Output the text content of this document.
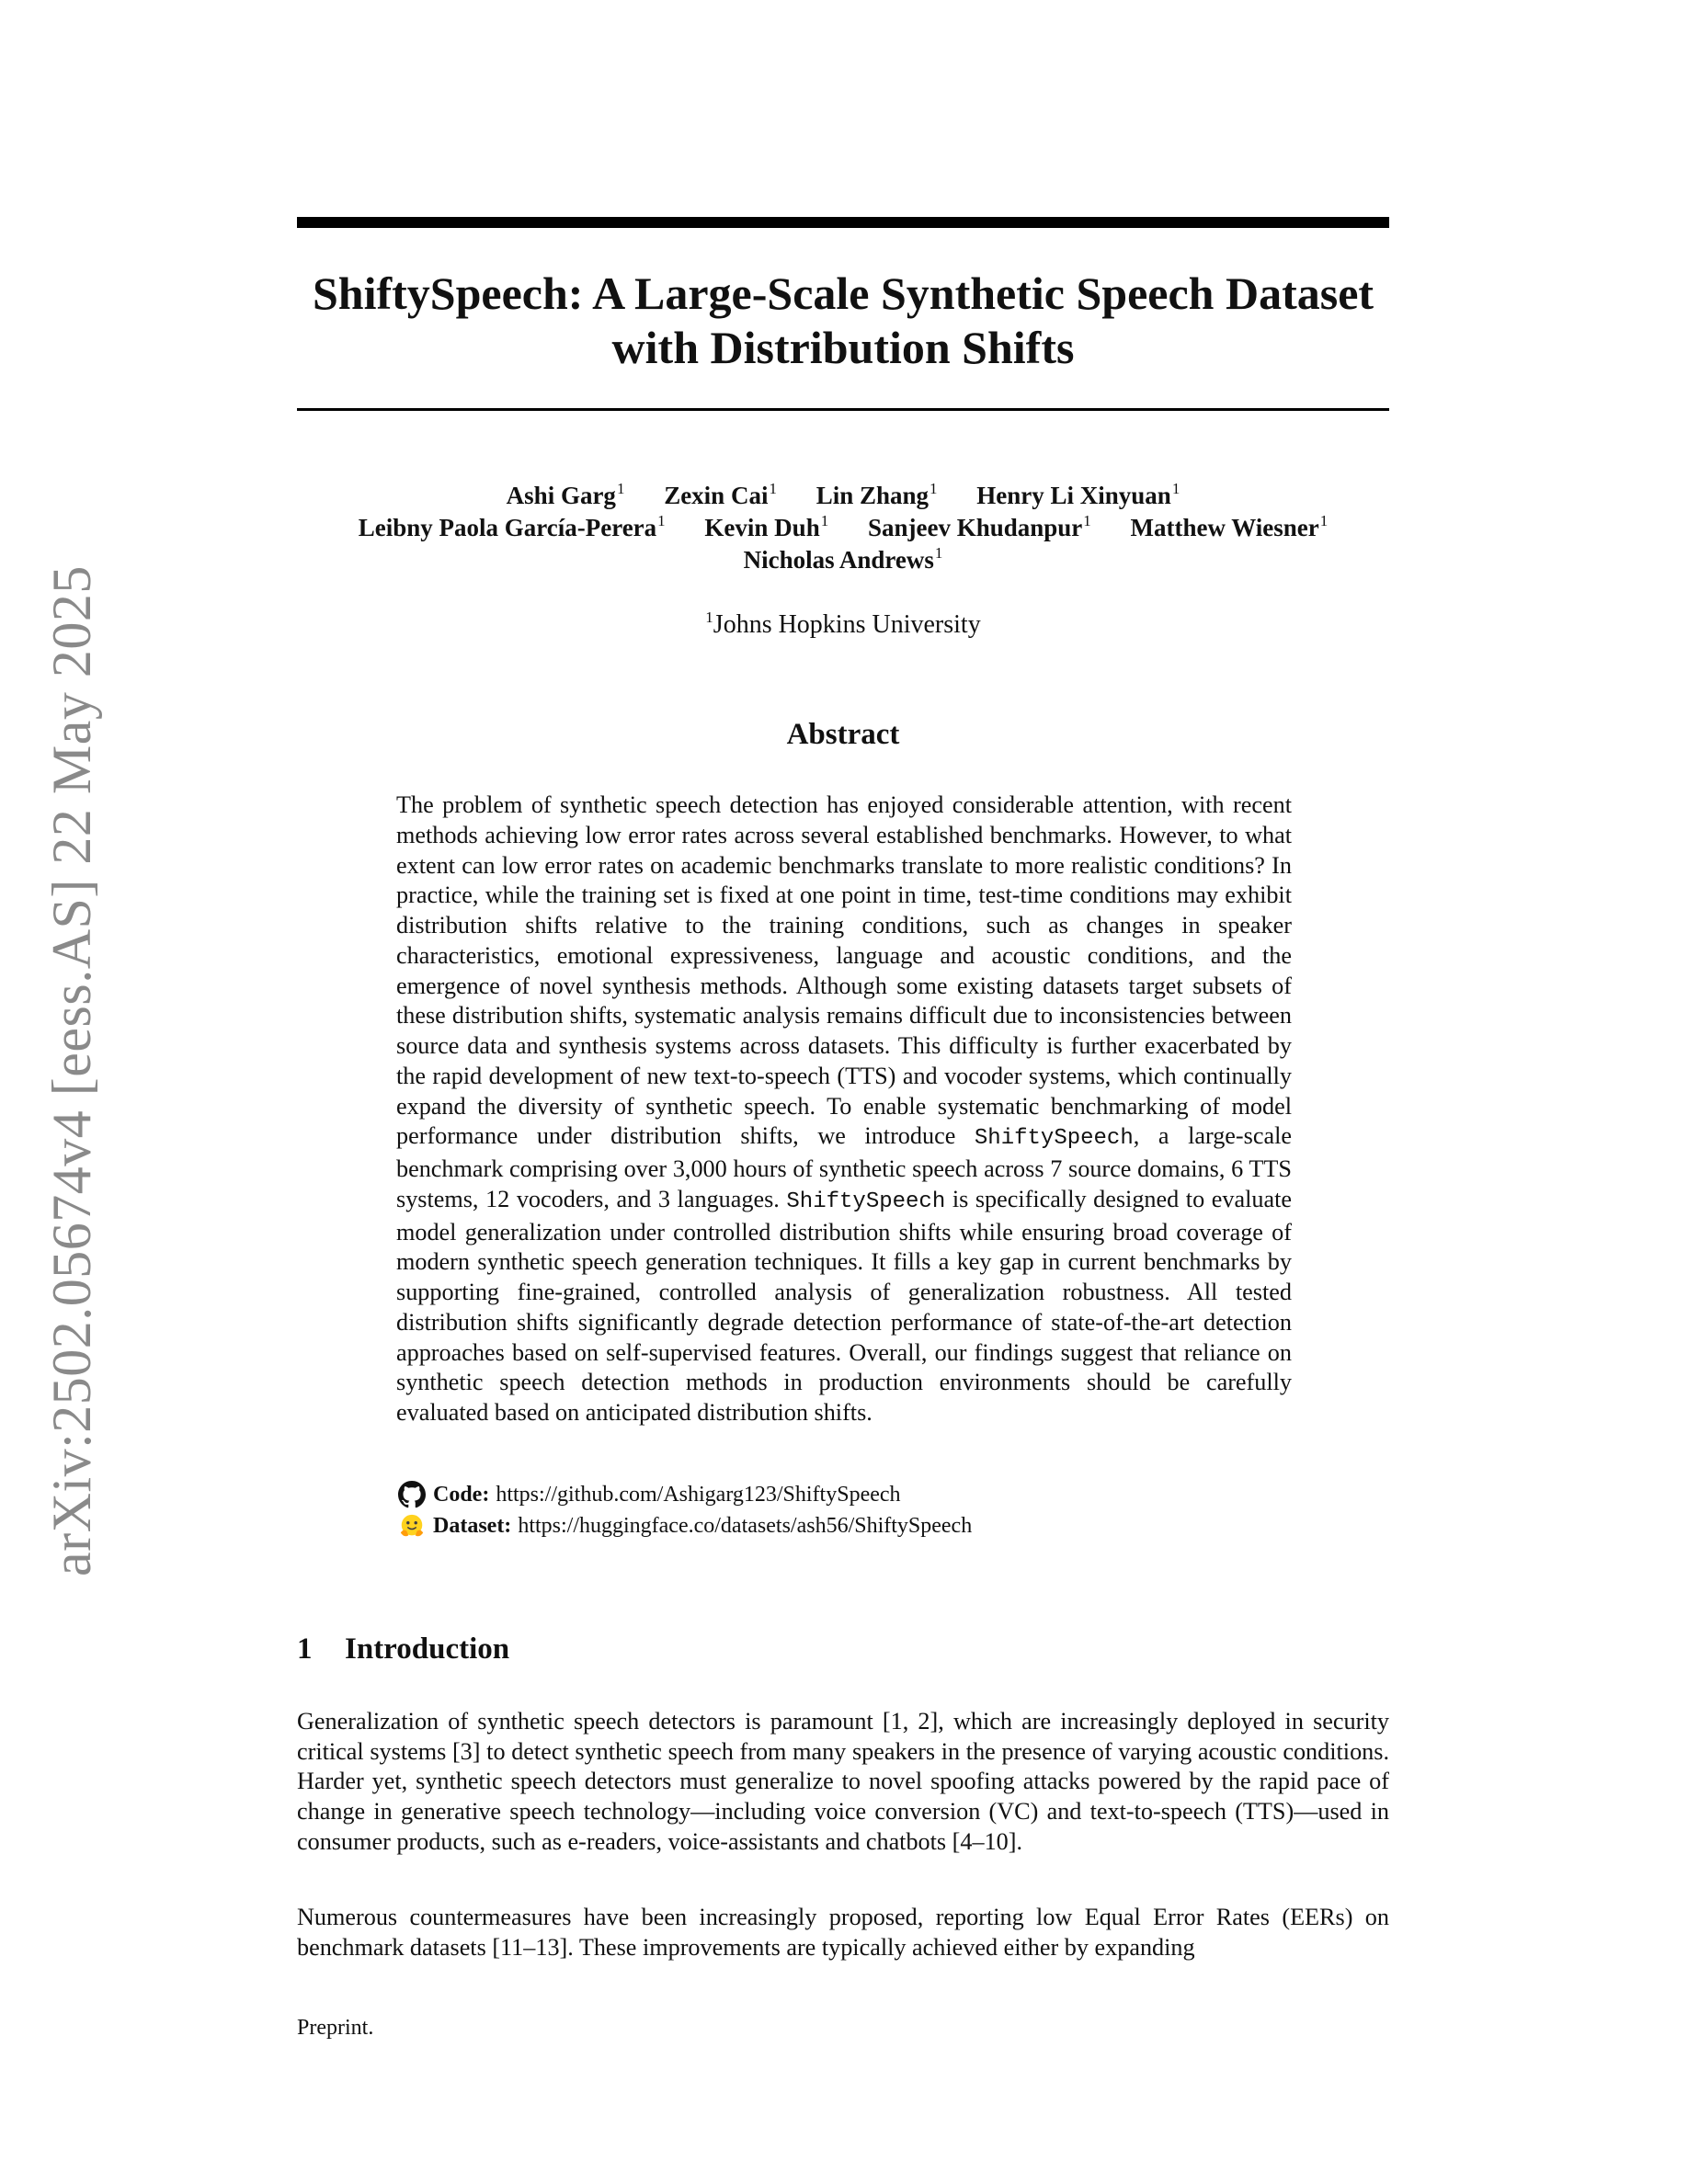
arXiv:2502.05674v4 [eess.AS] 22 May 2025
ShiftySpeech: A Large-Scale Synthetic Speech Dataset
with Distribution Shifts
Ashi Garg$^1$ Zexin Cai$^1$ Lin Zhang$^1$ Henry Li Xinyuan$^1$
Leibny Paola García-Perera$^1$ Kevin Duh$^1$ Sanjeev Khudanpur$^1$ Matthew Wiesner$^1$
Nicholas Andrews$^1$
$^1$Johns Hopkins University
Abstract
The problem of synthetic speech detection has enjoyed considerable attention, with recent methods achieving low error rates across several established benchmarks. However, to what extent can low error rates on academic benchmarks translate to more realistic conditions? In practice, while the training set is fixed at one point in time, test-time conditions may exhibit distribution shifts relative to the training conditions, such as changes in speaker characteristics, emotional expressiveness, language and acoustic conditions, and the emergence of novel synthesis methods. Although some existing datasets target subsets of these distribution shifts, systematic analysis remains difficult due to inconsistencies between source data and synthesis systems across datasets. This difficulty is further exacerbated by the rapid development of new text-to-speech (TTS) and vocoder systems, which continually expand the diversity of synthetic speech. To enable systematic benchmarking of model performance under distribution shifts, we introduce ShiftySpeech, a large-scale benchmark comprising over 3,000 hours of synthetic speech across 7 source domains, 6 TTS systems, 12 vocoders, and 3 languages. ShiftySpeech is specifically designed to evaluate model generalization under controlled distribution shifts while ensuring broad coverage of modern synthetic speech generation techniques. It fills a key gap in current benchmarks by supporting fine-grained, controlled analysis of generalization robustness. All tested distribution shifts significantly degrade detection performance of state-of-the-art detection approaches based on self-supervised features. Overall, our findings suggest that reliance on synthetic speech detection methods in production environments should be carefully evaluated based on anticipated distribution shifts.
Code: https://github.com/Ashigarg123/ShiftySpeech
Dataset: https://huggingface.co/datasets/ash56/ShiftySpeech
1 Introduction
Generalization of synthetic speech detectors is paramount [1, 2], which are increasingly deployed in security critical systems [3] to detect synthetic speech from many speakers in the presence of varying acoustic conditions. Harder yet, synthetic speech detectors must generalize to novel spoofing attacks powered by the rapid pace of change in generative speech technology—including voice conversion (VC) and text-to-speech (TTS)—used in consumer products, such as e-readers, voice-assistants and chatbots [4–10].
Numerous countermeasures have been increasingly proposed, reporting low Equal Error Rates (EERs) on benchmark datasets [11–13]. These improvements are typically achieved either by expanding
Preprint.
